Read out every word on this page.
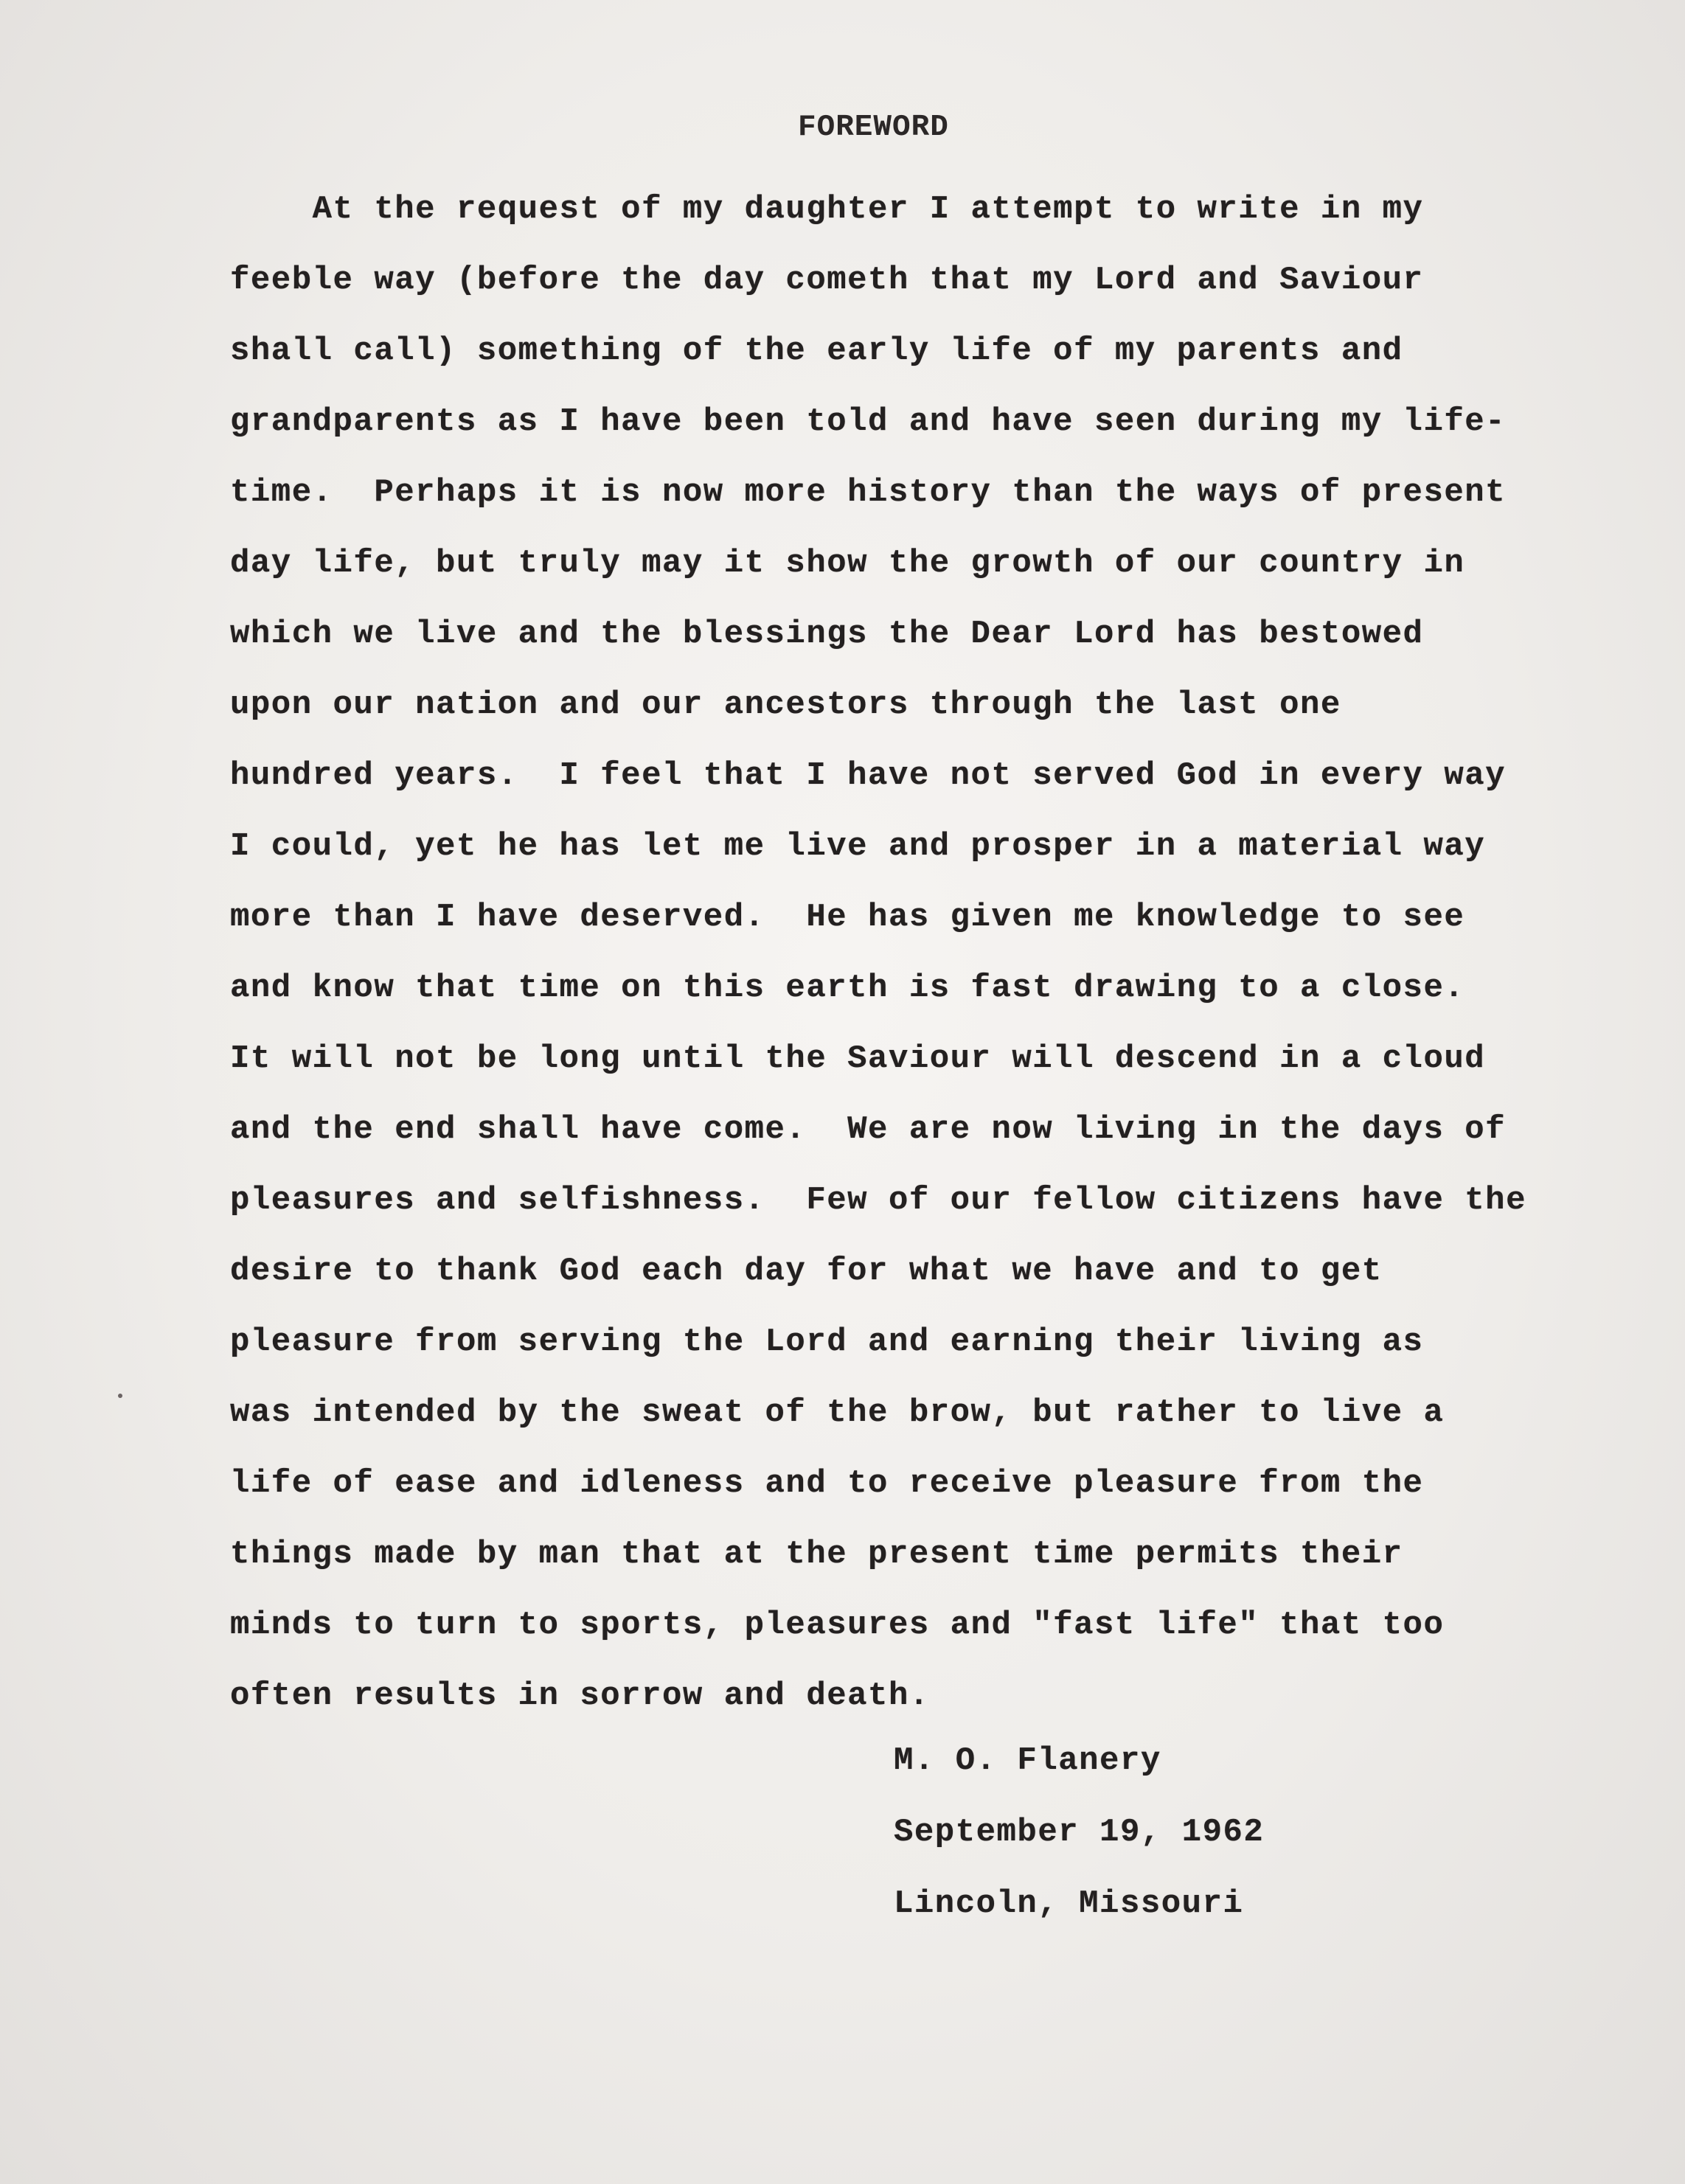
FOREWORD
At the request of my daughter I attempt to write in my
feeble way (before the day cometh that my Lord and Saviour
shall call) something of the early life of my parents and
grandparents as I have been told and have seen during my life-
time.  Perhaps it is now more history than the ways of present
day life, but truly may it show the growth of our country in
which we live and the blessings the Dear Lord has bestowed
upon our nation and our ancestors through the last one
hundred years.  I feel that I have not served God in every way
I could, yet he has let me live and prosper in a material way
more than I have deserved.  He has given me knowledge to see
and know that time on this earth is fast drawing to a close.
It will not be long until the Saviour will descend in a cloud
and the end shall have come.  We are now living in the days of
pleasures and selfishness.  Few of our fellow citizens have the
desire to thank God each day for what we have and to get
pleasure from serving the Lord and earning their living as
was intended by the sweat of the brow, but rather to live a
life of ease and idleness and to receive pleasure from the
things made by man that at the present time permits their
minds to turn to sports, pleasures and "fast life" that too
often results in sorrow and death.
M. O. Flanery
September 19, 1962
Lincoln, Missouri
